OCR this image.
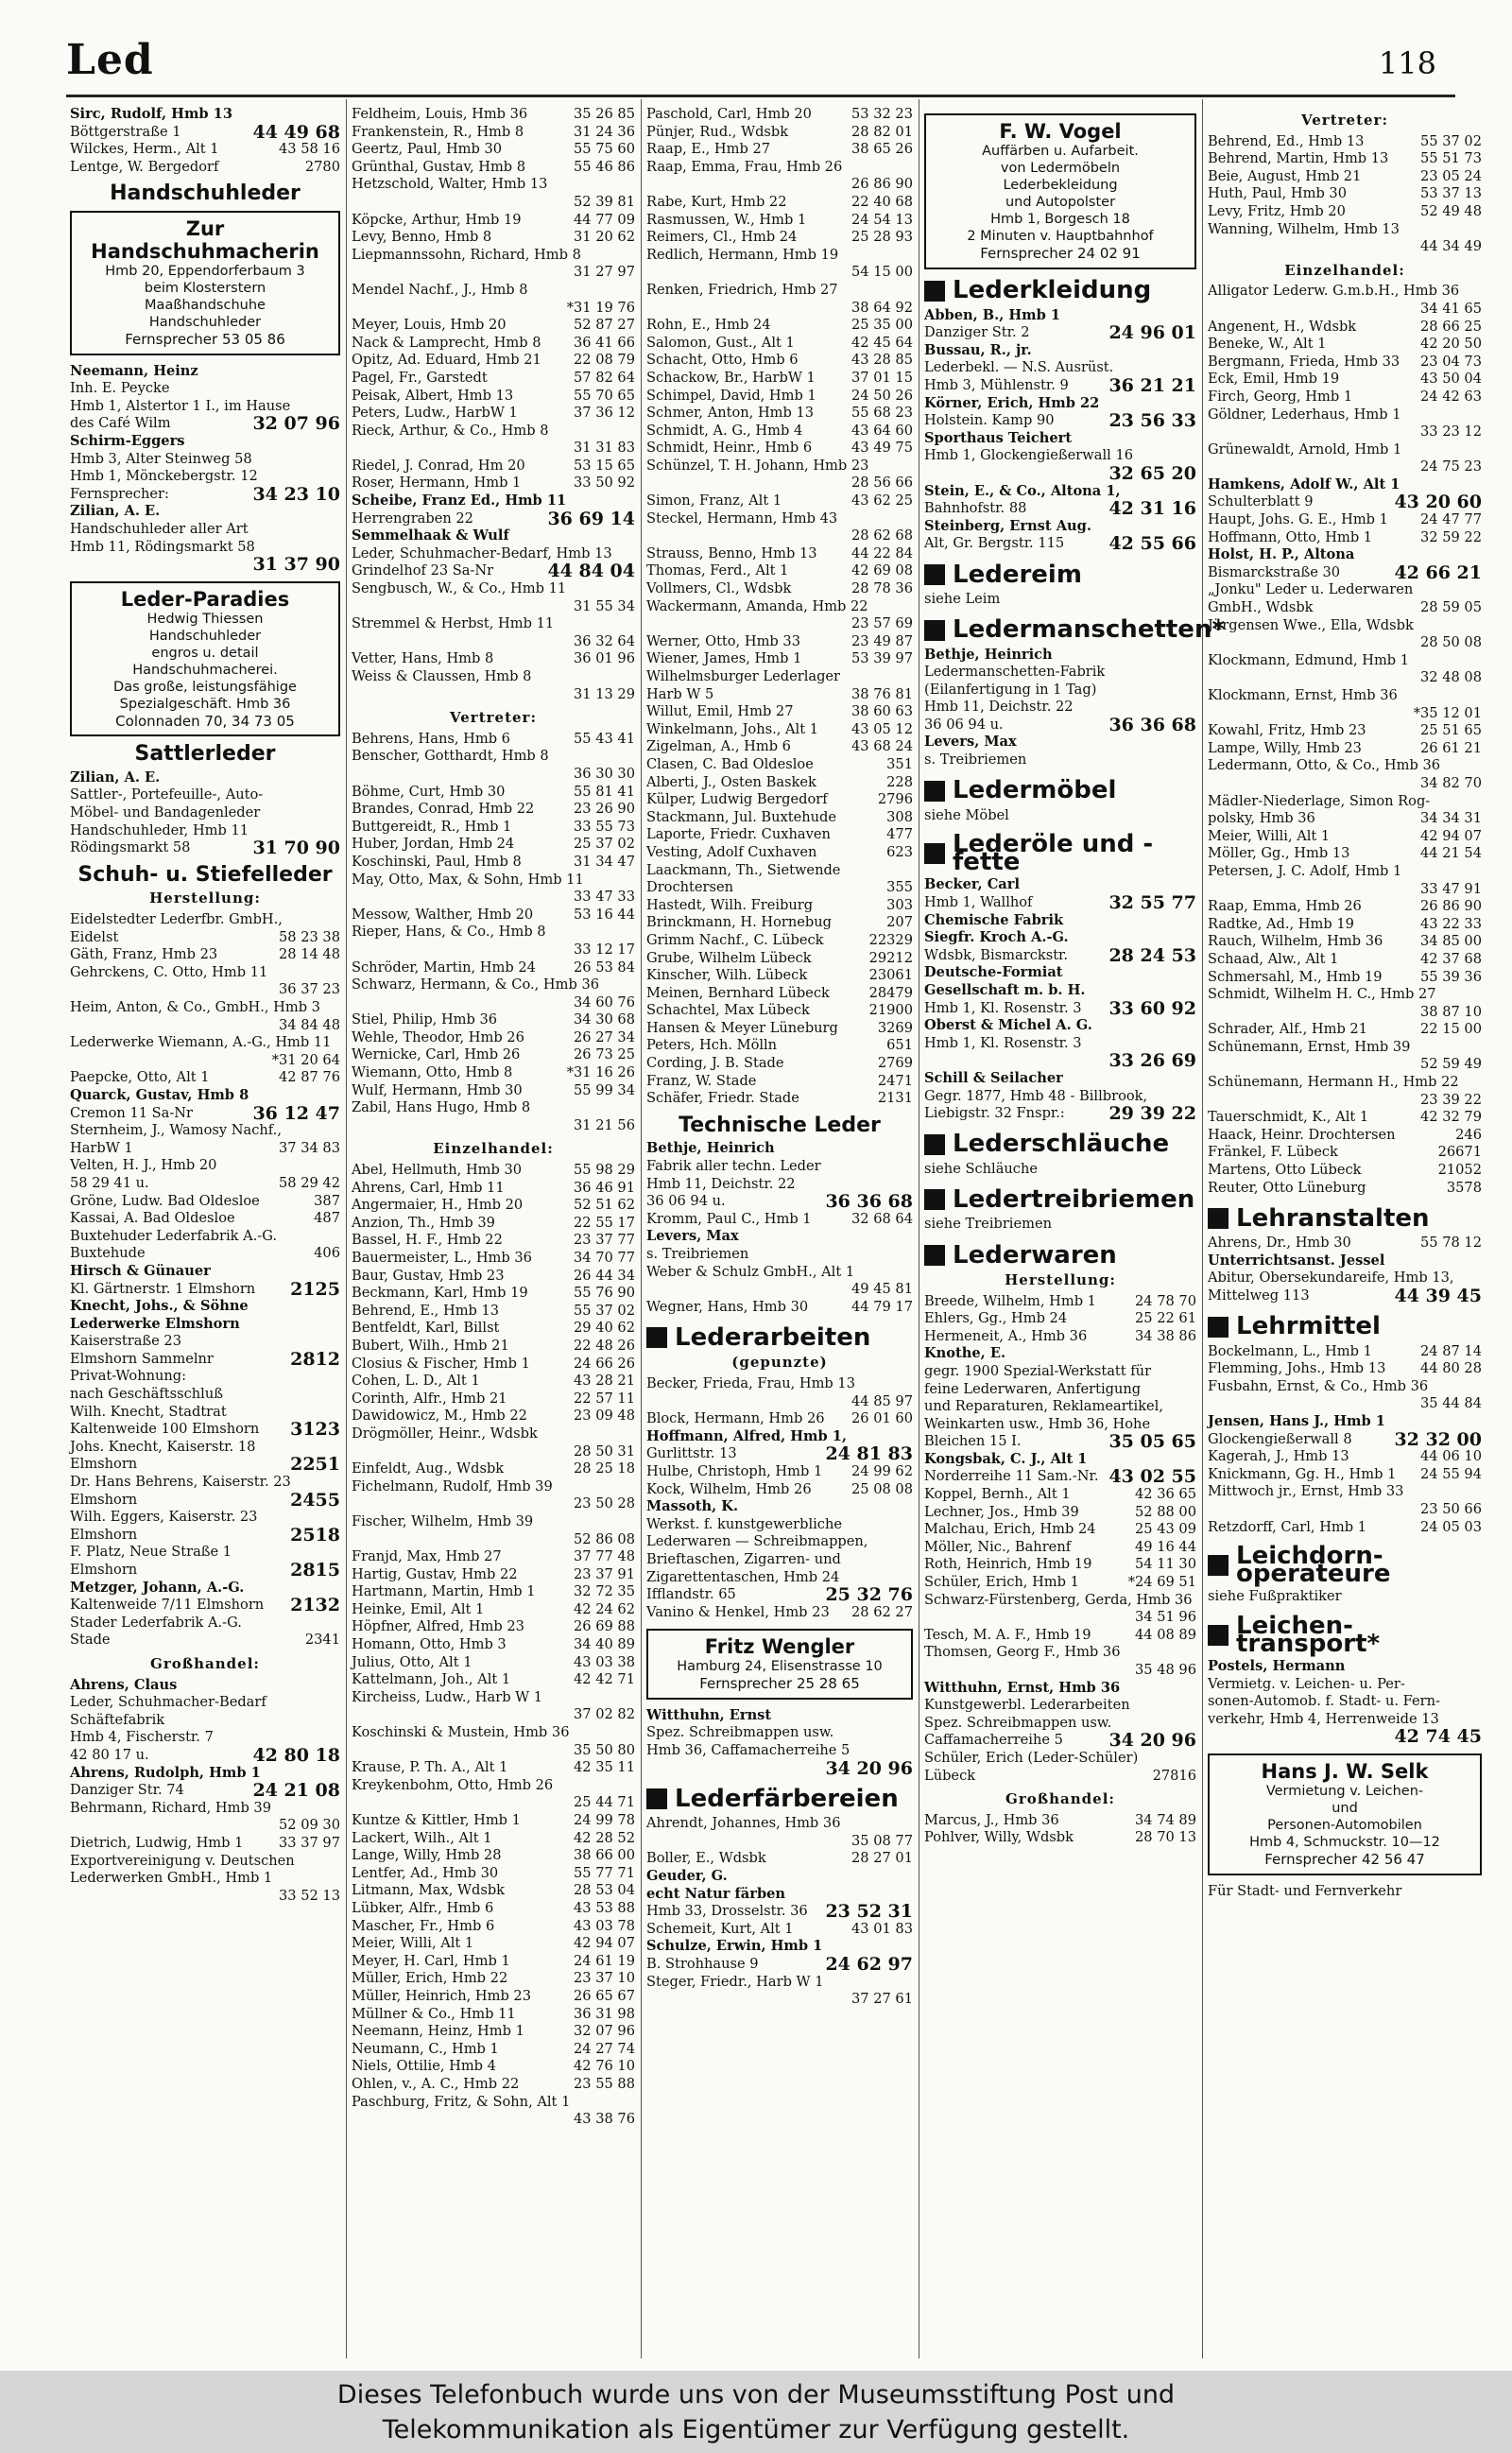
Led	118
Sirc, Rudolf, Hmb 13
Böttgerstraße 1	44 49 68
Wilckes, Herm., Alt 1	43 58 16
Lentge, W. Bergedorf	2780
Handschuhleder
Zur
Handschuhmacherin
Hmb 20, Eppendorferbaum 3
beim Klosterstern
Maaßhandschuhe
Handschuhleder
Fernsprecher 53 05 86
Neemann, Heinz
Inh. E. Peycke
Hmb 1, Alstertor 1 I., im Hause
des Café Wilm	32 07 96
Schirm-Eggers
Hmb 3, Alter Steinweg 58
Hmb 1, Mönckebergstr. 12
Fernsprecher:	34 23 10
Zilian, A. E.
Handschuhleder aller Art
Hmb 11, Rödingsmarkt 58
31 37 90
Leder-Paradies
Hedwig Thiessen
Handschuhleder
engros u. detail
Handschuhmacherei.
Das große, leistungsfähige
Spezialgeschäft. Hmb 36
Colonnaden 70, 34 73 05
Sattlerleder
Zilian, A. E.
Sattler-, Portefeuille-, Auto-
Möbel- und Bandagenleder
Handschuhleder, Hmb 11
Rödingsmarkt 58	31 70 90
Schuh- u. Stiefelleder
Herstellung:
Eidelstedter Lederfbr. GmbH.,
Eidelst	58 23 38
Gäth, Franz, Hmb 23	28 14 48
Gehrckens, C. Otto, Hmb 11
36 37 23
Heim, Anton, & Co., GmbH., Hmb 3
34 84 48
Lederwerke Wiemann, A.-G., Hmb 11
*31 20 64
Paepcke, Otto, Alt 1	42 87 76
Quarck, Gustav, Hmb 8
Cremon 11 Sa-Nr	36 12 47
Sternheim, J., Wamosy Nachf.,
HarbW 1	37 34 83
Velten, H. J., Hmb 20
58 29 41 u.	58 29 42
Gröne, Ludw. Bad Oldesloe	387
Kassai, A. Bad Oldesloe	487
Buxtehuder Lederfabrik A.-G.
Buxtehude	406
Hirsch & Günauer
Kl. Gärtnerstr. 1 Elmshorn 2125
Knecht, Johs., & Söhne
Lederwerke Elmshorn
Kaiserstraße 23
Elmshorn Sammelnr	2812
Privat-Wohnung:
nach Geschäftsschluß
Wilh. Knecht, Stadtrat
Kaltenweide 100 Elmshorn 3123
Johs. Knecht, Kaiserstr. 18
Elmshorn	2251
Dr. Hans Behrens, Kaiserstr. 23
Elmshorn	2455
Wilh. Eggers, Kaiserstr. 23
Elmshorn	2518
F. Platz, Neue Straße 1
Elmshorn	2815
Metzger, Johann, A.-G.
Kaltenweide 7/11 Elmshorn 2132
Stader Lederfabrik A.-G.
Stade	2341
Großhandel:
Ahrens, Claus
Leder, Schuhmacher-Bedarf
Schäftefabrik
Hmb 4, Fischerstr. 7
42 80 17 u.	42 80 18
Ahrens, Rudolph, Hmb 1
Danziger Str. 74	24 21 08
Behrmann, Richard, Hmb 39
52 09 30
Dietrich, Ludwig, Hmb 1	33 37 97
Exportvereinigung v. Deutschen
Lederwerken GmbH., Hmb 1
33 52 13
Feldheim, Louis, Hmb 36	35 26 85
Frankenstein, R., Hmb 8	31 24 36
Geertz, Paul, Hmb 30	55 75 60
Grünthal, Gustav, Hmb 8	55 46 86
Hetzschold, Walter, Hmb 13
52 39 81
Köpcke, Arthur, Hmb 19	44 77 09
Levy, Benno, Hmb 8	31 20 62
Liepmannssohn, Richard, Hmb 8
31 27 97
Mendel Nachf., J., Hmb 8
*31 19 76
Meyer, Louis, Hmb 20	52 87 27
Nack & Lamprecht, Hmb 8 36 41 66
Opitz, Ad. Eduard, Hmb 21 22 08 79
Pagel, Fr., Garstedt	57 82 64
Peisak, Albert, Hmb 13	55 70 65
Peters, Ludw., HarbW 1	37 36 12
Rieck, Arthur, & Co., Hmb 8
31 31 83
Riedel, J. Conrad, Hm 20	53 15 65
Roser, Hermann, Hmb 1	33 50 92
Scheibe, Franz Ed., Hmb 11
Herrengraben 22	36 69 14
Semmelhaak & Wulf
Leder, Schuhmacher-Bedarf, Hmb 13
Grindelhof 23 Sa-Nr	44 84 04
Sengbusch, W., & Co., Hmb 11
31 55 34
Stremmel & Herbst, Hmb 11
36 32 64
Vetter, Hans, Hmb 8	36 01 96
Weiss & Claussen, Hmb 8
31 13 29
Vertreter:
Behrens, Hans, Hmb 6	55 43 41
Benscher, Gotthardt, Hmb 8
36 30 30
Böhme, Curt, Hmb 30	55 81 41
Brandes, Conrad, Hmb 22	23 26 90
Buttgereidt, R., Hmb 1	33 55 73
Huber, Jordan, Hmb 24	25 37 02
Koschinski, Paul, Hmb 8	31 34 47
May, Otto, Max, & Sohn, Hmb 11
33 47 33
Messow, Walther, Hmb 20	53 16 44
Rieper, Hans, & Co., Hmb 8
33 12 17
Schröder, Martin, Hmb 24	26 53 84
Schwarz, Hermann, & Co., Hmb 36
34 60 76
Stiel, Philip, Hmb 36	34 30 68
Wehle, Theodor, Hmb 26	26 27 34
Wernicke, Carl, Hmb 26	26 73 25
Wiemann, Otto, Hmb 8	*31 16 26
Wulf, Hermann, Hmb 30	55 99 34
Zabil, Hans Hugo, Hmb 8
31 21 56
Einzelhandel:
Abel, Hellmuth, Hmb 30	55 98 29
Ahrens, Carl, Hmb 11	36 46 91
Angermaier, H., Hmb 20	52 51 62
Anzion, Th., Hmb 39	22 55 17
Bassel, H. F., Hmb 22	23 37 77
Bauermeister, L., Hmb 36	34 70 77
Baur, Gustav, Hmb 23	26 44 34
Beckmann, Karl, Hmb 19	55 76 90
Behrend, E., Hmb 13	55 37 02
Bentfeldt, Karl, Billst	29 40 62
Bubert, Wilh., Hmb 21	22 48 26
Closius & Fischer, Hmb 1	24 66 26
Cohen, L. D., Alt 1	43 28 21
Corinth, Alfr., Hmb 21	22 57 11
Dawidowicz, M., Hmb 22	23 09 48
Drögmöller, Heinr., Wdsbk
28 50 31
Einfeldt, Aug., Wdsbk	28 25 18
Fichelmann, Rudolf, Hmb 39
23 50 28
Fischer, Wilhelm, Hmb 39
52 86 08
Franjd, Max, Hmb 27	37 77 48
Hartig, Gustav, Hmb 22	23 37 91
Hartmann, Martin, Hmb 1	32 72 35
Heinke, Emil, Alt 1	42 24 62
Höpfner, Alfred, Hmb 23	26 69 88
Homann, Otto, Hmb 3	34 40 89
Julius, Otto, Alt 1	43 03 38
Kattelmann, Joh., Alt 1	42 42 71
Kircheiss, Ludw., Harb W 1
37 02 82
Koschinski & Mustein, Hmb 36
35 50 80
Krause, P. Th. A., Alt 1	42 35 11
Kreykenbohm, Otto, Hmb 26
25 44 71
Kuntze & Kittler, Hmb 1	24 99 78
Lackert, Wilh., Alt 1	42 28 52
Lange, Willy, Hmb 28	38 66 00
Lentfer, Ad., Hmb 30	55 77 71
Litmann, Max, Wdsbk	28 53 04
Lübker, Alfr., Hmb 6	43 53 88
Mascher, Fr., Hmb 6	43 03 78
Meier, Willi, Alt 1	42 94 07
Meyer, H. Carl, Hmb 1	24 61 19
Müller, Erich, Hmb 22	23 37 10
Müller, Heinrich, Hmb 23	26 65 67
Müllner & Co., Hmb 11	36 31 98
Neemann, Heinz, Hmb 1	32 07 96
Neumann, C., Hmb 1	24 27 74
Niels, Ottilie, Hmb 4	42 76 10
Ohlen, v., A. C., Hmb 22	23 55 88
Paschburg, Fritz, & Sohn, Alt 1
43 38 76
Paschold, Carl, Hmb 20	53 32 23
Pünjer, Rud., Wdsbk	28 82 01
Raap, E., Hmb 27	38 65 26
Raap, Emma, Frau, Hmb 26
26 86 90
Rabe, Kurt, Hmb 22	22 40 68
Rasmussen, W., Hmb 1	24 54 13
Reimers, Cl., Hmb 24	25 28 93
Redlich, Hermann, Hmb 19
54 15 00
Renken, Friedrich, Hmb 27
38 64 92
Rohn, E., Hmb 24	25 35 00
Salomon, Gust., Alt 1	42 45 64
Schacht, Otto, Hmb 6	43 28 85
Schackow, Br., HarbW 1	37 01 15
Schimpel, David, Hmb 1	24 50 26
Schmer, Anton, Hmb 13	55 68 23
Schmidt, A. G., Hmb 4	43 64 60
Schmidt, Heinr., Hmb 6	43 49 75
Schünzel, T. H. Johann, Hmb 23
28 56 66
Simon, Franz, Alt 1	43 62 25
Steckel, Hermann, Hmb 43
28 62 68
Strauss, Benno, Hmb 13 44 22 84
Thomas, Ferd., Alt 1	42 69 08
Vollmers, Cl., Wdsbk	28 78 36
Wackermann, Amanda, Hmb 22
23 57 69
Werner, Otto, Hmb 33	23 49 87
Wiener, James, Hmb 1	53 39 97
Wilhelmsburger Lederlager
Harb W 5	38 76 81
Willut, Emil, Hmb 27	38 60 63
Winkelmann, Johs., Alt 1 43 05 12
Zigelman, A., Hmb 6	43 68 24
Clasen, C. Bad Oldesloe	351
Alberti, J., Osten Baskek	228
Külper, Ludwig Bergedorf	2796
Stackmann, Jul. Buxtehude	308
Laporte, Friedr. Cuxhaven	477
Vesting, Adolf Cuxhaven	623
Laackmann, Th., Sietwende
Drochtersen	355
Hastedt, Wilh. Freiburg	303
Brinckmann, H. Hornebug	207
Grimm Nachf., C. Lübeck	22329
Grube, Wilhelm Lübeck	29212
Kinscher, Wilh. Lübeck	23061
Meinen, Bernhard Lübeck	28479
Schachtel, Max Lübeck	21900
Hansen & Meyer Lüneburg	3269
Peters, Hch. Mölln	651
Cording, J. B. Stade	2769
Franz, W. Stade	2471
Schäfer, Friedr. Stade	2131
Technische Leder
Bethje, Heinrich
Fabrik aller techn. Leder
Hmb 11, Deichstr. 22
36 06 94 u.	36 36 68
Kromm, Paul C., Hmb 1	32 68 64
Levers, Max
s. Treibriemen
Weber & Schulz GmbH., Alt 1
49 45 81
Wegner, Hans, Hmb 30	44 79 17
Lederarbeiten
(gepunzte)
Becker, Frieda, Frau, Hmb 13
44 85 97
Block, Hermann, Hmb 26 26 01 60
Hoffmann, Alfred, Hmb 1,
Gurlittstr. 13	24 81 83
Hulbe, Christoph, Hmb 1 24 99 62
Kock, Wilhelm, Hmb 26	25 08 08
Massoth, K.
Werkst. f. kunstgewerbliche
Lederwaren — Schreibmappen,
Brieftaschen, Zigarren- und
Zigarettentaschen, Hmb 24
Ifflandstr. 65	25 32 76
Vanino & Henkel, Hmb 23 28 62 27
Fritz Wengler
Hamburg 24, Elisenstrasse 10
Fernsprecher 25 28 65
Witthuhn, Ernst
Spez. Schreibmappen usw.
Hmb 36, Caffamacherreihe 5
34 20 96
Lederfärbereien
Ahrendt, Johannes, Hmb 36
35 08 77
Boller, E., Wdsbk	28 27 01
Geuder, G.
echt Natur färben
Hmb 33, Drosselstr. 36 23 52 31
Schemeit, Kurt, Alt 1	43 01 83
Schulze, Erwin, Hmb 1
B. Strohhause 9	24 62 97
Steger, Friedr., Harb W 1
37 27 61
F. W. Vogel
Auffärben u. Aufarbeit.
von Ledermöbeln
Lederbekleidung
und Autopolster
Hmb 1, Borgesch 18
2 Minuten v. Hauptbahnhof
Fernsprecher 24 02 91
Lederkleidung
Abben, B., Hmb 1
Danziger Str. 2	24 96 01
Bussau, R., jr.
Lederbekl. — N.S. Ausrüst.
Hmb 3, Mühlenstr. 9 36 21 21
Körner, Erich, Hmb 22
Holstein. Kamp 90	23 56 33
Sporthaus Teichert
Hmb 1, Glockengießerwall 16
32 65 20
Stein, E., & Co., Altona 1,
Bahnhofstr. 88	42 31 16
Steinberg, Ernst Aug.
Alt, Gr. Bergstr. 115 42 55 66
Ledereim
siehe Leim
Ledermanschetten*
Bethje, Heinrich
Ledermanschetten-Fabrik
(Eilanfertigung in 1 Tag)
Hmb 11, Deichstr. 22
36 06 94 u.	36 36 68
Levers, Max
s. Treibriemen
Ledermöbel
siehe Möbel
Lederöle und -fette
Becker, Carl
Hmb 1, Wallhof	32 55 77
Chemische Fabrik
Siegfr. Kroch A.-G.
Wdsbk, Bismarckstr. 28 24 53
Deutsche-Formiat
Gesellschaft m. b. H.
Hmb 1, Kl. Rosenstr. 3 33 60 92
Oberst & Michel A. G.
Hmb 1, Kl. Rosenstr. 3
33 26 69
Schill & Seilacher
Gegr. 1877, Hmb 48 - Billbrook,
Liebigstr. 32 Fnspr.: 29 39 22
Lederschläuche
siehe Schläuche
Ledertreibriemen
siehe Treibriemen
Lederwaren
Herstellung:
Breede, Wilhelm, Hmb 1	24 78 70
Ehlers, Gg., Hmb 24	25 22 61
Hermeneit, A., Hmb 36	34 38 86
Knothe, E.
gegr. 1900 Spezial-Werkstatt für
feine Lederwaren, Anfertigung
und Reparaturen, Reklameartikel,
Weinkarten usw., Hmb 36, Hohe
Bleichen 15 I.	35 05 65
Kongsbak, C. J., Alt 1
Norderreihe 11 Sam.-Nr. 43 02 55
Koppel, Bernh., Alt 1	42 36 65
Lechner, Jos., Hmb 39	52 88 00
Malchau, Erich, Hmb 24	25 43 09
Möller, Nic., Bahrenf	49 16 44
Roth, Heinrich, Hmb 19	54 11 30
Schüler, Erich, Hmb 1	*24 69 51
Schwarz-Fürstenberg, Gerda, Hmb 36
34 51 96
Tesch, M. A. F., Hmb 19	44 08 89
Thomsen, Georg F., Hmb 36
35 48 96
Witthuhn, Ernst, Hmb 36
Kunstgewerbl. Lederarbeiten
Spez. Schreibmappen usw.
Caffamacherreihe 5	34 20 96
Schüler, Erich (Leder-Schüler)
Lübeck	27816
Großhandel:
Marcus, J., Hmb 36	34 74 89
Pohlver, Willy, Wdsbk	28 70 13
Vertreter:
Behrend, Ed., Hmb 13	55 37 02
Behrend, Martin, Hmb 13 55 51 73
Beie, August, Hmb 21	23 05 24
Huth, Paul, Hmb 30	53 37 13
Levy, Fritz, Hmb 20	52 49 48
Wanning, Wilhelm, Hmb 13
44 34 49
Einzelhandel:
Alligator Lederw. G.m.b.H., Hmb 36
34 41 65
Angenent, H., Wdsbk	28 66 25
Beneke, W., Alt 1	42 20 50
Bergmann, Frieda, Hmb 33 23 04 73
Eck, Emil, Hmb 19	43 50 04
Firch, Georg, Hmb 1	24 42 63
Göldner, Lederhaus, Hmb 1
33 23 12
Grünewaldt, Arnold, Hmb 1
24 75 23
Hamkens, Adolf W., Alt 1
Schulterblatt 9	43 20 60
Haupt, Johs. G. E., Hmb 1 24 47 77
Hoffmann, Otto, Hmb 1	32 59 22
Holst, H. P., Altona
Bismarckstraße 30	42 66 21
„Jonku" Leder u. Lederwaren
GmbH., Wdsbk	28 59 05
Jürgensen Wwe., Ella, Wdsbk
28 50 08
Klockmann, Edmund, Hmb 1
32 48 08
Klockmann, Ernst, Hmb 36
*35 12 01
Kowahl, Fritz, Hmb 23	25 51 65
Lampe, Willy, Hmb 23	26 61 21
Ledermann, Otto, & Co., Hmb 36
34 82 70
Mädler-Niederlage, Simon Rog-
polsky, Hmb 36	34 34 31
Meier, Willi, Alt 1	42 94 07
Möller, Gg., Hmb 13	44 21 54
Petersen, J. C. Adolf, Hmb 1
33 47 91
Raap, Emma, Hmb 26	26 86 90
Radtke, Ad., Hmb 19	43 22 33
Rauch, Wilhelm, Hmb 36	34 85 00
Schaad, Alw., Alt 1	42 37 68
Schmersahl, M., Hmb 19	55 39 36
Schmidt, Wilhelm H. C., Hmb 27
38 87 10
Schrader, Alf., Hmb 21	22 15 00
Schünemann, Ernst, Hmb 39
52 59 49
Schünemann, Hermann H., Hmb 22
23 39 22
Tauerschmidt, K., Alt 1	42 32 79
Haack, Heinr. Drochtersen	246
Fränkel, F. Lübeck	26671
Martens, Otto Lübeck	21052
Reuter, Otto Lüneburg	3578
Lehranstalten
Ahrens, Dr., Hmb 30	55 78 12
Unterrichtsanst. Jessel
Abitur, Obersekundareife, Hmb 13,
Mittelweg 113	44 39 45
Lehrmittel
Bockelmann, L., Hmb 1	24 87 14
Flemming, Johs., Hmb 13	44 80 28
Fusbahn, Ernst, & Co., Hmb 36
35 44 84
Jensen, Hans J., Hmb 1
Glockengießerwall 8 32 32 00
Kagerah, J., Hmb 13	44 06 10
Knickmann, Gg. H., Hmb 1 24 55 94
Mittwoch jr., Ernst, Hmb 33
23 50 66
Retzdorff, Carl, Hmb 1	24 05 03
Leichdorn-operateure
siehe Fußpraktiker
Leichen-transport*
Postels, Hermann
Vermietg. v. Leichen- u. Per-
sonen-Automob. f. Stadt- u. Fern-
verkehr, Hmb 4, Herrenweide 13
42 74 45
Hans J. W. Selk
Vermietung v. Leichen-
und
Personen-Automobilen
Hmb 4, Schmuckstr. 10—12
Fernsprecher 42 56 47
Für Stadt- und Fernverkehr
Dieses Telefonbuch wurde uns von der Museumsstiftung Post und
Telekommunikation als Eigentümer zur Verfügung gestellt.
